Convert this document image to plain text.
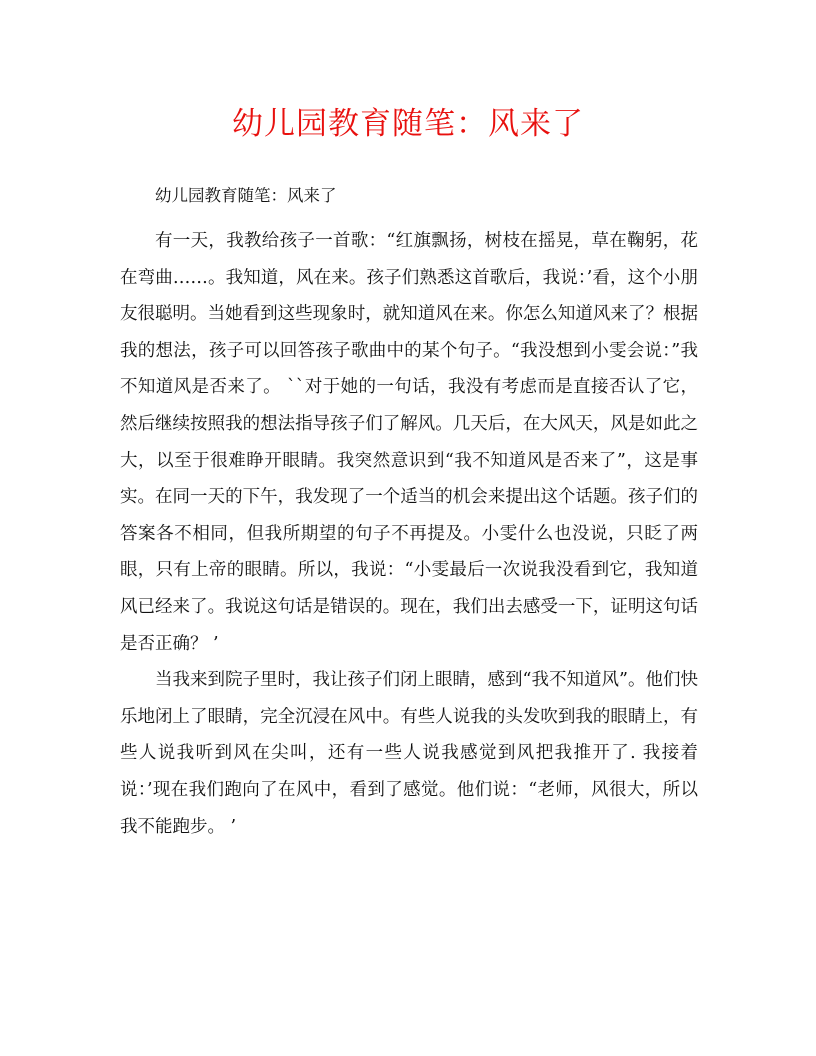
幼儿园教育随笔：风来了

幼儿园教育随笔：风来了

有一天，我教给孩子一首歌：“红旗飘扬，树枝在摇晃，草在鞠躬，花在弯曲……。我知道，风在来。孩子们熟悉这首歌后，我说：’看，这个小朋友很聪明。当她看到这些现象时，就知道风在来。你怎么知道风来了？根据我的想法，孩子可以回答孩子歌曲中的某个句子。“我没想到小雯会说：”我不知道风是否来了。 ``对于她的一句话，我没有考虑而是直接否认了它，然后继续按照我的想法指导孩子们了解风。几天后，在大风天，风是如此之大，以至于很难睁开眼睛。我突然意识到“我不知道风是否来了”，这是事实。在同一天的下午，我发现了一个适当的机会来提出这个话题。孩子们的答案各不相同，但我所期望的句子不再提及。小雯什么也没说，只眨了两眼，只有上帝的眼睛。所以，我说：“小雯最后一次说我没看到它，我知道风已经来了。我说这句话是错误的。现在，我们出去感受一下，证明这句话是否正确？ ’

当我来到院子里时，我让孩子们闭上眼睛，感到“我不知道风”。他们快乐地闭上了眼睛，完全沉浸在风中。有些人说我的头发吹到我的眼睛上，有些人说我听到风在尖叫，还有一些人说我感觉到风把我推开了. 我接着说：’现在我们跑向了在风中，看到了感觉。他们说：“老师，风很大，所以我不能跑步。 ’
